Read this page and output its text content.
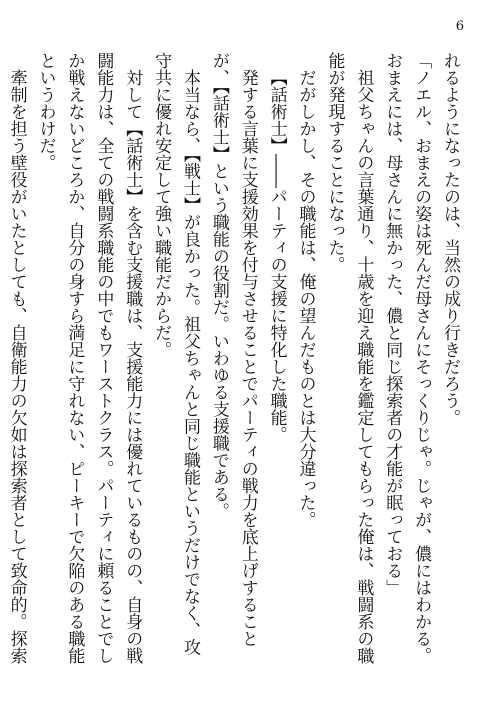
6

れるようになったのは、当然の成り行きだろう。

「ノエル、おまえの姿は死んだ母さんにそっくりじゃ。じゃが、儂にはわかる。おまえには、母さんに無かった、儂と同じ探索者の才能が眠っておる」

祖父ちゃんの言葉通り、十歳を迎え職能を鑑定してもらった俺は、戦闘系の職能が発現することになった。

だがしかし、その職能は、俺の望んだものとは大分違った。

【話術士】――パーティの支援に特化した職能。

発する言葉に支援効果を付与させることでパーティの戦力を底上げすることが、【話術士】という職能の役割だ。いわゆる支援職である。

本当なら、【戦士】が良かった。祖父ちゃんと同じ職能というだけでなく、攻守共に優れ安定して強い職能だからだ。

対して【話術士】を含む支援職は、支援能力には優れているものの、自身の戦闘能力は、全ての戦闘系職能の中でもワーストクラス。パーティに頼ることでしか戦えないどころか、自分の身すら満足に守れない、ピーキーで欠陥のある職能というわけだ。

牽制を担う壁役がいたとしても、自衛能力の欠如は探索者として致命的。探索
